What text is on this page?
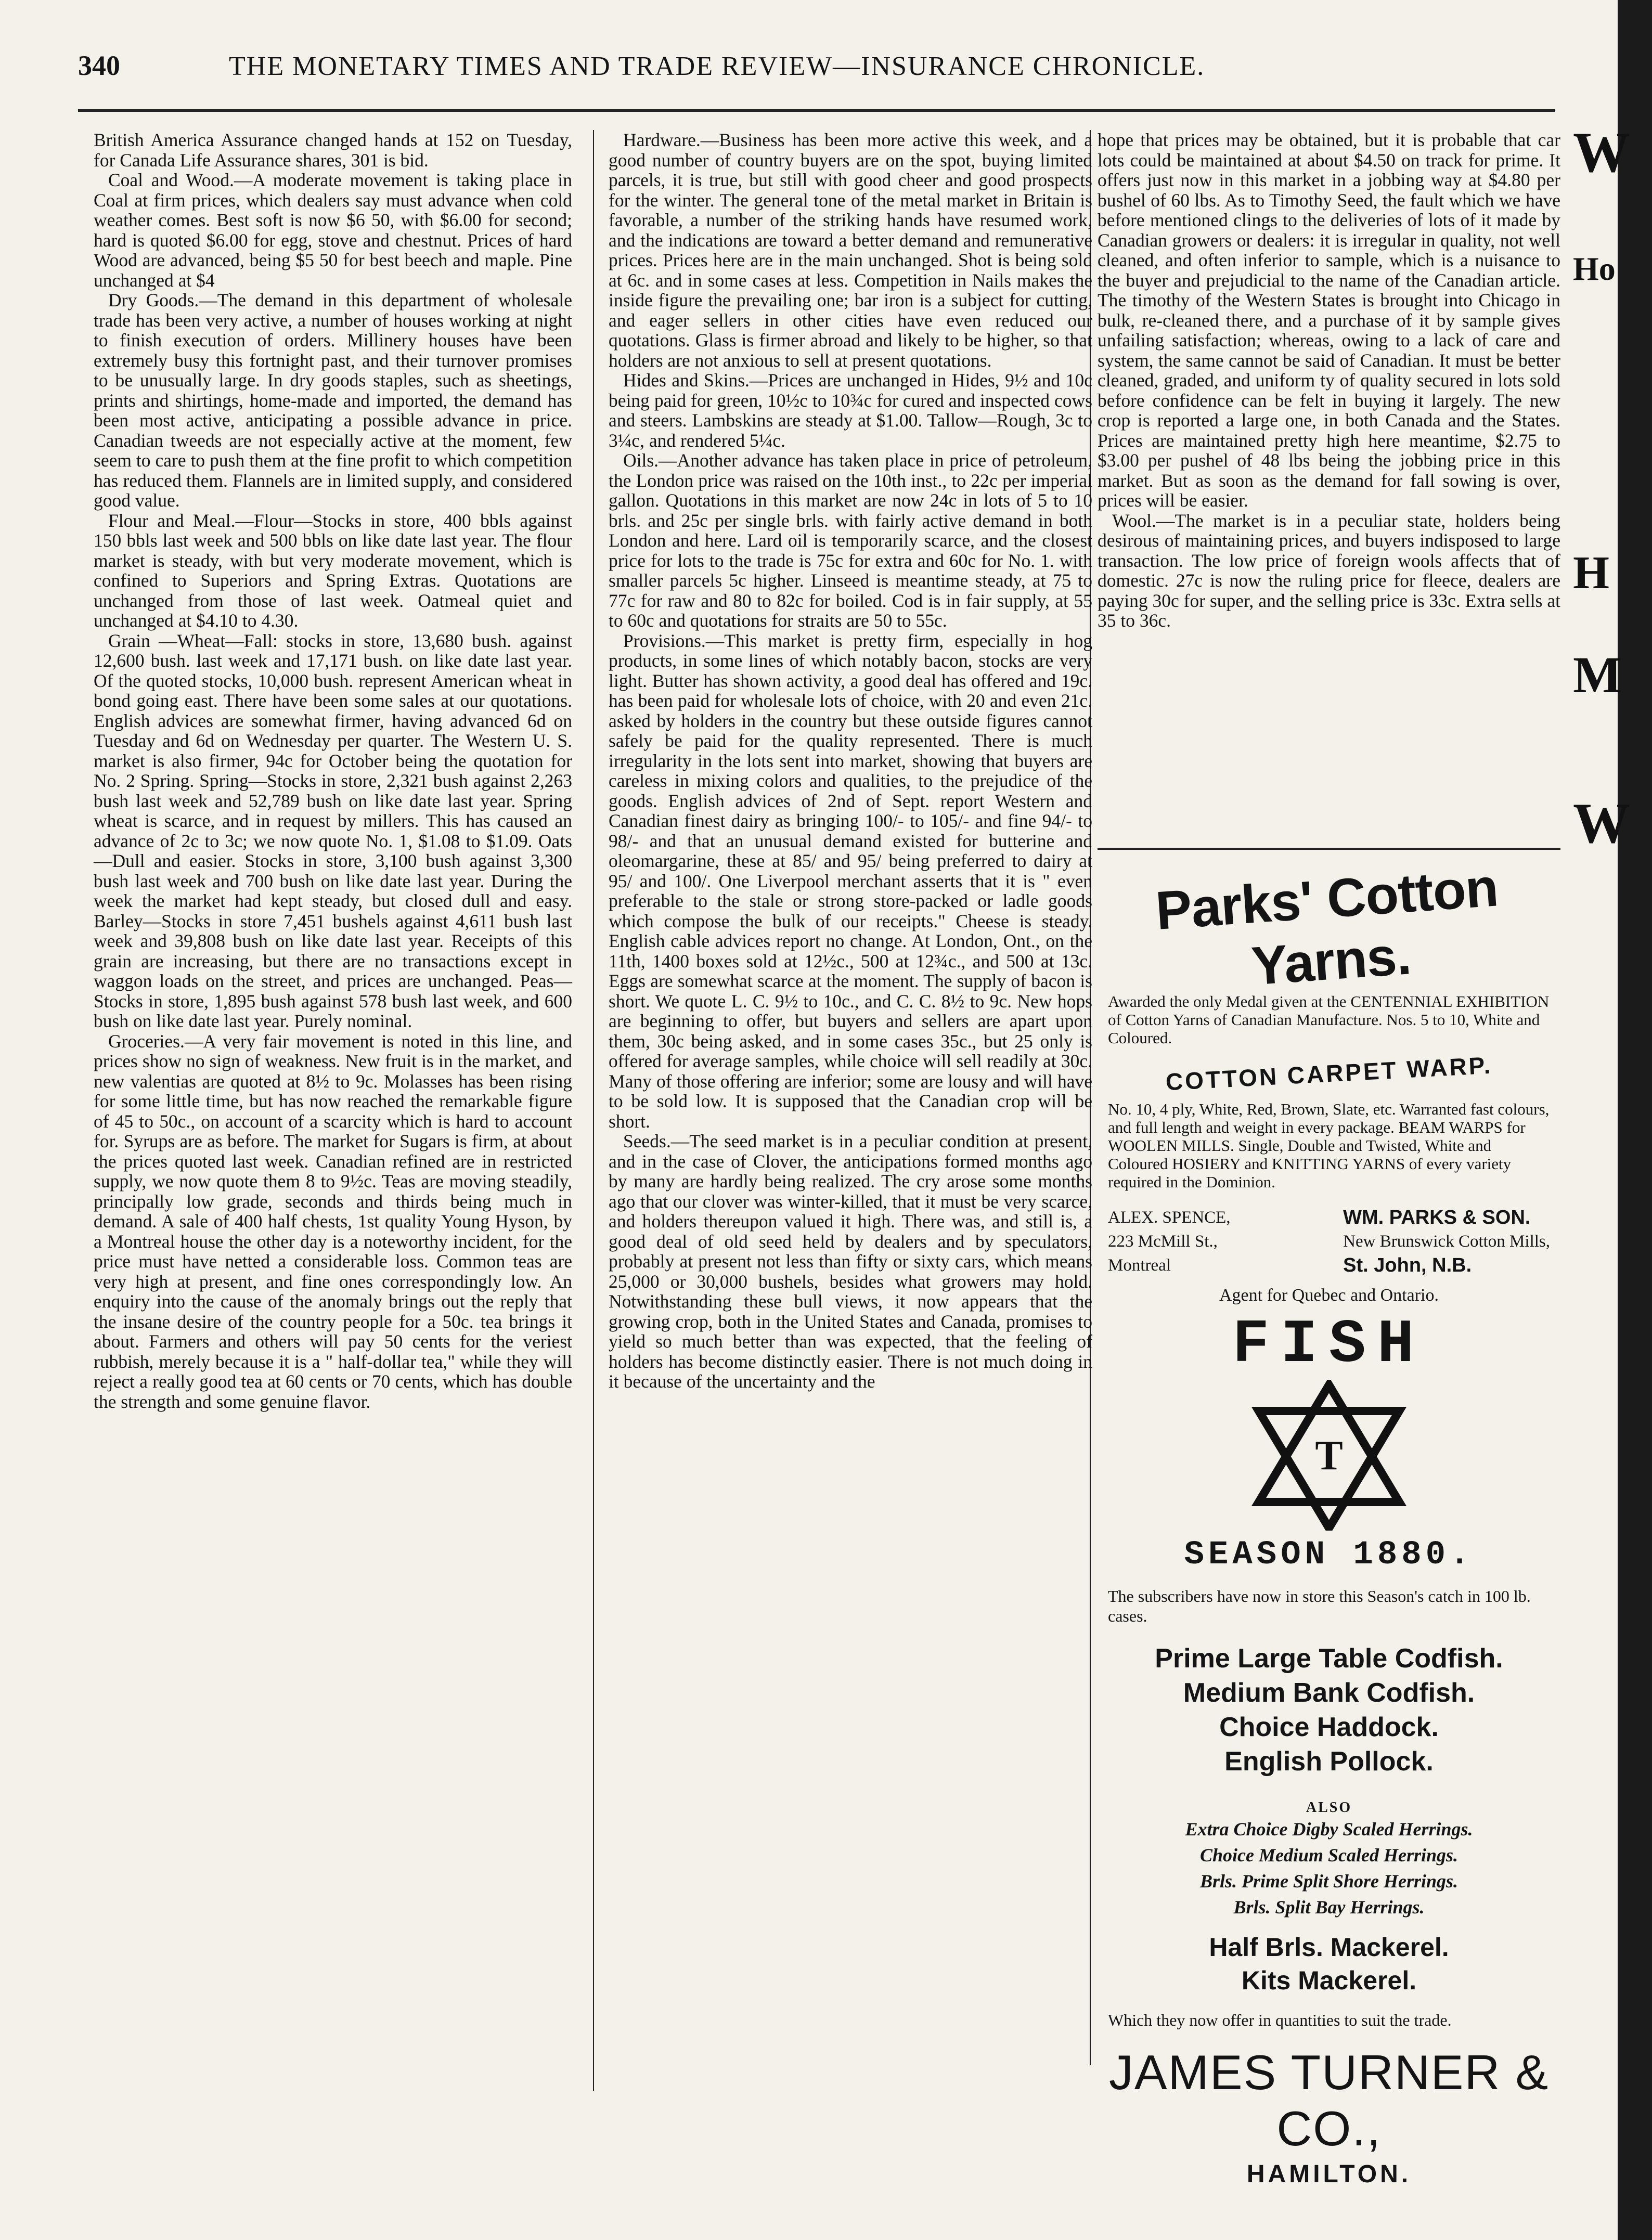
340	THE MONETARY TIMES AND TRADE REVIEW—INSURANCE CHRONICLE.

British America Assurance changed hands at 152 on Tuesday, for Canada Life Assurance shares, 301 is bid.

Coal and Wood.—A moderate movement is taking place in Coal at firm prices, which dealers say must advance when cold weather comes. Best soft is now $6 50, with $6.00 for second; hard is quoted $6.00 for egg, stove and chestnut. Prices of hard Wood are advanced, being $5 50 for best beech and maple. Pine unchanged at $4

Dry Goods.—The demand in this department of wholesale trade has been very active, a number of houses working at night to finish execution of orders. Millinery houses have been extremely busy this fortnight past, and their turnover promises to be unusually large. In dry goods staples, such as sheetings, prints and shirtings, home-made and imported, the demand has been most active, anticipating a possible advance in price. Canadian tweeds are not especially active at the moment, few seem to care to push them at the fine profit to which competition has reduced them. Flannels are in limited supply, and considered good value.

Flour and Meal.—Flour—Stocks in store, 400 bbls against 150 bbls last week and 500 bbls on like date last year. The flour market is steady, with but very moderate movement, which is confined to Superiors and Spring Extras. Quotations are unchanged from those of last week. Oatmeal quiet and unchanged at $4.10 to 4.30.

Grain —Wheat—Fall: stocks in store, 13,680 bush. against 12,600 bush. last week and 17,171 bush. on like date last year. Of the quoted stocks, 10,000 bush. represent American wheat in bond going east. There have been some sales at our quotations. English advices are somewhat firmer, having advanced 6d on Tuesday and 6d on Wednesday per quarter. The Western U. S. market is also firmer, 94c for October being the quotation for No. 2 Spring. Spring—Stocks in store, 2,321 bush against 2,263 bush last week and 52,789 bush on like date last year. Spring wheat is scarce, and in request by millers. This has caused an advance of 2c to 3c; we now quote No. 1, $1.08 to $1.09. Oats—Dull and easier. Stocks in store, 3,100 bush against 3,300 bush last week and 700 bush on like date last year. During the week the market had kept steady, but closed dull and easy. Barley—Stocks in store 7,451 bushels against 4,611 bush last week and 39,808 bush on like date last year. Receipts of this grain are increasing, but there are no transactions except in waggon loads on the street, and prices are unchanged. Peas—Stocks in store, 1,895 bush against 578 bush last week, and 600 bush on like date last year. Purely nominal.

Groceries.—A very fair movement is noted in this line, and prices show no sign of weakness. New fruit is in the market, and new valentias are quoted at 8½ to 9c. Molasses has been rising for some little time, but has now reached the remarkable figure of 45 to 50c., on account of a scarcity which is hard to account for. Syrups are as before. The market for Sugars is firm, at about the prices quoted last week. Canadian refined are in restricted supply, we now quote them 8 to 9½c. Teas are moving steadily, principally low grade, seconds and thirds being much in demand. A sale of 400 half chests, 1st quality Young Hyson, by a Montreal house the other day is a noteworthy incident, for the price must have netted a considerable loss. Common teas are very high at present, and fine ones correspondingly low. An enquiry into the cause of the anomaly brings out the reply that the insane desire of the country people for a 50c. tea brings it about. Farmers and others will pay 50 cents for the veriest rubbish, merely because it is a " half-dollar tea," while they will reject a really good tea at 60 cents or 70 cents, which has double the strength and some genuine flavor.

Hardware.—Business has been more active this week, and a good number of country buyers are on the spot, buying limited parcels, it is true, but still with good cheer and good prospects for the winter. The general tone of the metal market in Britain is favorable, a number of the striking hands have resumed work, and the indications are toward a better demand and remunerative prices. Prices here are in the main unchanged. Shot is being sold at 6c. and in some cases at less. Competition in Nails makes the inside figure the prevailing one; bar iron is a subject for cutting, and eager sellers in other cities have even reduced our quotations. Glass is firmer abroad and likely to be higher, so that holders are not anxious to sell at present quotations.

Hides and Skins.—Prices are unchanged in Hides, 9½ and 10c being paid for green, 10½c to 10¾c for cured and inspected cows and steers. Lambskins are steady at $1.00. Tallow—Rough, 3c to 3¼c, and rendered 5¼c.

Oils.—Another advance has taken place in price of petroleum, the London price was raised on the 10th inst., to 22c per imperial gallon. Quotations in this market are now 24c in lots of 5 to 10 brls. and 25c per single brls. with fairly active demand in both London and here. Lard oil is temporarily scarce, and the closest price for lots to the trade is 75c for extra and 60c for No. 1. with smaller parcels 5c higher. Linseed is meantime steady, at 75 to 77c for raw and 80 to 82c for boiled. Cod is in fair supply, at 55 to 60c and quotations for straits are 50 to 55c.

Provisions.—This market is pretty firm, especially in hog products, in some lines of which notably bacon, stocks are very light. Butter has shown activity, a good deal has offered and 19c. has been paid for wholesale lots of choice, with 20 and even 21c. asked by holders in the country but these outside figures cannot safely be paid for the quality represented. There is much irregularity in the lots sent into market, showing that buyers are careless in mixing colors and qualities, to the prejudice of the goods. English advices of 2nd of Sept. report Western and Canadian finest dairy as bringing 100/- to 105/- and fine 94/- to 98/- and that an unusual demand existed for butterine and oleomargarine, these at 85/ and 95/ being preferred to dairy at 95/ and 100/. One Liverpool merchant asserts that it is " even preferable to the stale or strong store-packed or ladle goods which compose the bulk of our receipts." Cheese is steady. English cable advices report no change. At London, Ont., on the 11th, 1400 boxes sold at 12½c., 500 at 12¾c., and 500 at 13c. Eggs are somewhat scarce at the moment. The supply of bacon is short. We quote L. C. 9½ to 10c., and C. C. 8½ to 9c. New hops are beginning to offer, but buyers and sellers are apart upon them, 30c being asked, and in some cases 35c., but 25 only is offered for average samples, while choice will sell readily at 30c. Many of those offering are inferior; some are lousy and will have to be sold low. It is supposed that the Canadian crop will be short.

Seeds.—The seed market is in a peculiar condition at present, and in the case of Clover, the anticipations formed months ago by many are hardly being realized. The cry arose some months ago that our clover was winter-killed, that it must be very scarce, and holders thereupon valued it high. There was, and still is, a good deal of old seed held by dealers and by speculators, probably at present not less than fifty or sixty cars, which means 25,000 or 30,000 bushels, besides what growers may hold. Notwithstanding these bull views, it now appears that the growing crop, both in the United States and Canada, promises to yield so much better than was expected, that the feeling of holders has become distinctly easier. There is not much doing in it because of the uncertainty and the

hope that prices may be obtained, but it is probable that car lots could be maintained at about $4.50 on track for prime. It offers just now in this market in a jobbing way at $4.80 per bushel of 60 lbs. As to Timothy Seed, the fault which we have before mentioned clings to the deliveries of lots of it made by Canadian growers or dealers: it is irregular in quality, not well cleaned, and often inferior to sample, which is a nuisance to the buyer and prejudicial to the name of the Canadian article. The timothy of the Western States is brought into Chicago in bulk, re-cleaned there, and a purchase of it by sample gives unfailing satisfaction; whereas, owing to a lack of care and system, the same cannot be said of Canadian. It must be better cleaned, graded, and uniform ty of quality secured in lots sold before confidence can be felt in buying it largely. The new crop is reported a large one, in both Canada and the States. Prices are maintained pretty high here meantime, $2.75 to $3.00 per pushel of 48 lbs being the jobbing price in this market. But as soon as the demand for fall sowing is over, prices will be easier.

Wool.—The market is in a peculiar state, holders being desirous of maintaining prices, and buyers indisposed to large transaction. The low price of foreign wools affects that of domestic. 27c is now the ruling price for fleece, dealers are paying 30c for super, and the selling price is 33c. Extra sells at 35 to 36c.

Parks' Cotton Yarns.
Awarded the only Medal given at the CENTENNIAL EXHIBITION of Cotton Yarns of Canadian Manufacture. Nos. 5 to 10, White and Coloured.
COTTON CARPET WARP.
No. 10, 4 ply, White, Red, Brown, Slate, etc. Warranted fast colours, and full length and weight in every package. BEAM WARPS for WOOLEN MILLS. Single, Double and Twisted, White and Coloured HOSIERY and KNITTING YARNS of every variety required in the Dominion.
ALEX. SPENCE,
223 McMill St.,
Montreal
WM. PARKS & SON.
New Brunswick Cotton Mills,
St. John, N.B.
Agent for Quebec and Ontario.
FISH
T
SEASON 1880.
The subscribers have now in store this Season's catch in 100 lb. cases.
Prime Large Table Codfish.
Medium Bank Codfish.
Choice Haddock.
English Pollock.
ALSO
Extra Choice Digby Scaled Herrings.
Choice Medium Scaled Herrings.
Brls. Prime Split Shore Herrings.
Brls. Split Bay Herrings.
Half Brls. Mackerel.
Kits Mackerel.
Which they now offer in quantities to suit the trade.
JAMES TURNER & CO.,
HAMILTON.
W
Ho
H
M
W
